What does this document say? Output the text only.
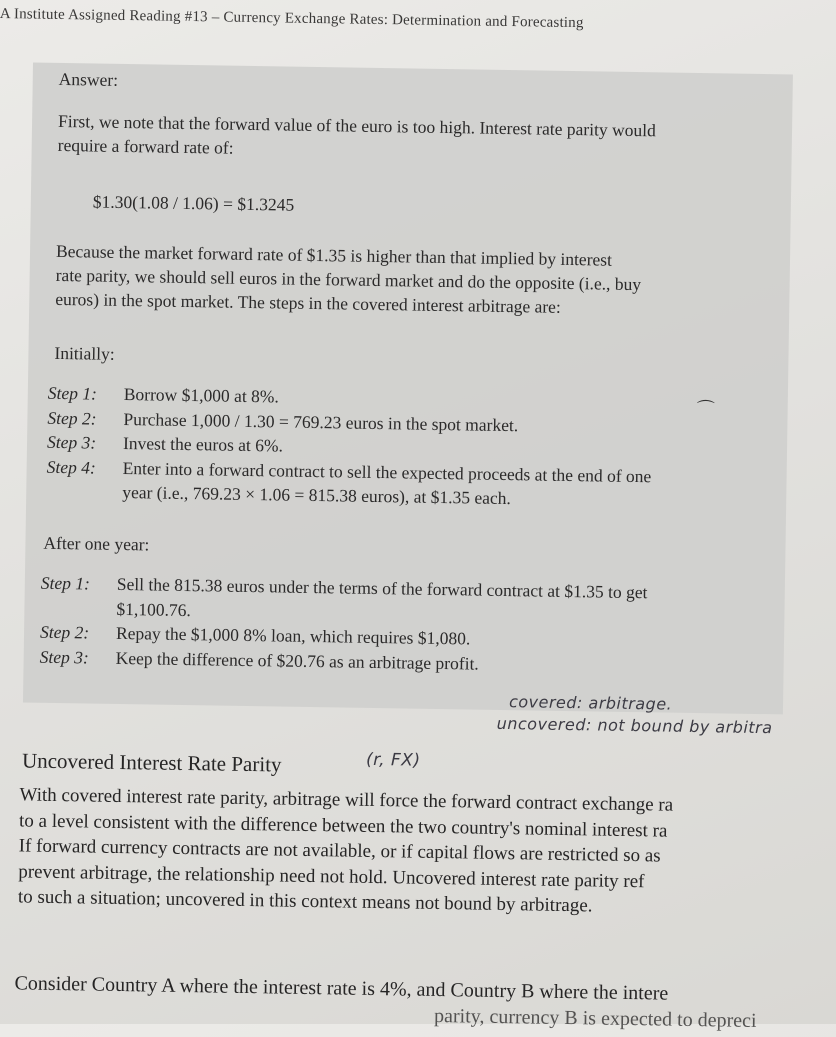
A Institute Assigned Reading #13 – Currency Exchange Rates: Determination and Forecasting
Answer:
First, we note that the forward value of the euro is too high. Interest rate parity would
require a forward rate of:
$1.30(1.08 / 1.06) = $1.3245
Because the market forward rate of $1.35 is higher than that implied by interest
rate parity, we should sell euros in the forward market and do the opposite (i.e., buy
euros) in the spot market. The steps in the covered interest arbitrage are:
Initially:
Step 1:	Borrow $1,000 at 8%.
Step 2:	Purchase 1,000 / 1.30 = 769.23 euros in the spot market.
Step 3:	Invest the euros at 6%.
Step 4:	Enter into a forward contract to sell the expected proceeds at the end of one
year (i.e., 769.23 × 1.06 = 815.38 euros), at $1.35 each.
⌒
After one year:
Step 1:	Sell the 815.38 euros under the terms of the forward contract at $1.35 to get
$1,100.76.
Step 2:	Repay the $1,000 8% loan, which requires $1,080.
Step 3:	Keep the difference of $20.76 as an arbitrage profit.
covered: arbitrage.
uncovered: not bound by arbitra
(r, FX)
Uncovered Interest Rate Parity
With covered interest rate parity, arbitrage will force the forward contract exchange ra
to a level consistent with the difference between the two country's nominal interest ra
If forward currency contracts are not available, or if capital flows are restricted so as
prevent arbitrage, the relationship need not hold. Uncovered interest rate parity ref
to such a situation; uncovered in this context means not bound by arbitrage.
Consider Country A where the interest rate is 4%, and Country B where the intere
parity, currency B is expected to depreci
